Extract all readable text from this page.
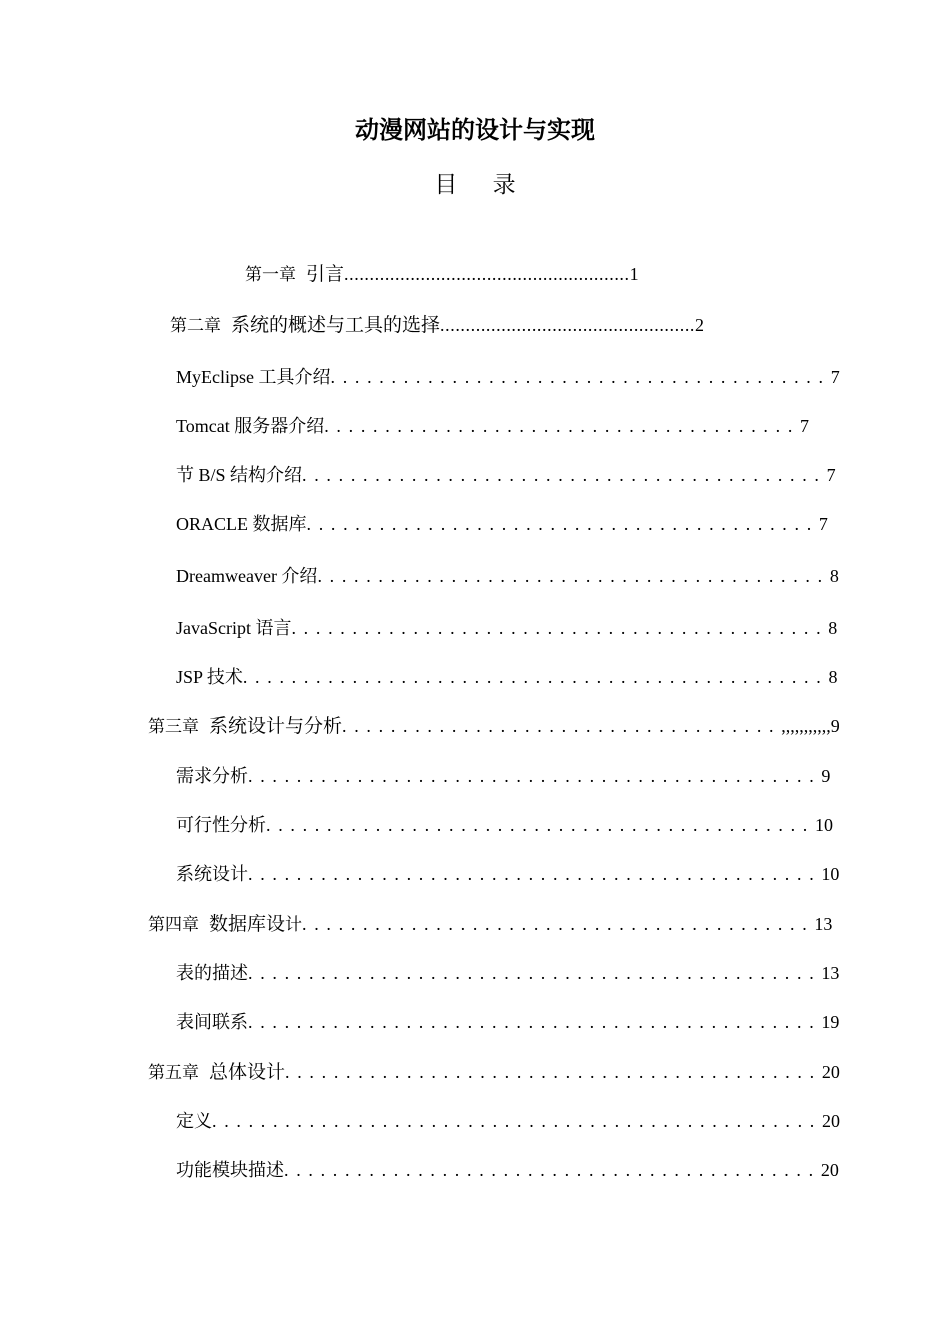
动漫网站的设计与实现
目 录
第一章 引言........................................................1
第二章 系统的概述与工具的选择..................................................2
MyEclipse 工具介绍. . . . . . . . . . . . . . . . . . . . . . . . . . . . . . . . . . . . . . . . . 7
Tomcat 服务器介绍. . . . . . . . . . . . . . . . . . . . . . . . . . . . . . . . . . . . . . . 7
节 B/S 结构介绍. . . . . . . . . . . . . . . . . . . . . . . . . . . . . . . . . . . . . . . . . . . 7
ORACLE 数据库. . . . . . . . . . . . . . . . . . . . . . . . . . . . . . . . . . . . . . . . . . 7
Dreamweaver 介绍. . . . . . . . . . . . . . . . . . . . . . . . . . . . . . . . . . . . . . . . . . 8
JavaScript 语言. . . . . . . . . . . . . . . . . . . . . . . . . . . . . . . . . . . . . . . . . . . . 8
JSP 技术. . . . . . . . . . . . . . . . . . . . . . . . . . . . . . . . . . . . . . . . . . . . . . . . 8
第三章 系统设计与分析. . . . . . . . . . . . . . . . . . . . . . . . . . . . . . . . . . . . ,,,,,,,,,,,9
需求分析. . . . . . . . . . . . . . . . . . . . . . . . . . . . . . . . . . . . . . . . . . . . . . . 9
可行性分析. . . . . . . . . . . . . . . . . . . . . . . . . . . . . . . . . . . . . . . . . . . . . 10
系统设计. . . . . . . . . . . . . . . . . . . . . . . . . . . . . . . . . . . . . . . . . . . . . . . 10
第四章 数据库设计. . . . . . . . . . . . . . . . . . . . . . . . . . . . . . . . . . . . . . . . . . 13
表的描述. . . . . . . . . . . . . . . . . . . . . . . . . . . . . . . . . . . . . . . . . . . . . . . 13
表间联系. . . . . . . . . . . . . . . . . . . . . . . . . . . . . . . . . . . . . . . . . . . . . . . 19
第五章 总体设计. . . . . . . . . . . . . . . . . . . . . . . . . . . . . . . . . . . . . . . . . . . . 20
定义. . . . . . . . . . . . . . . . . . . . . . . . . . . . . . . . . . . . . . . . . . . . . . . . . . 20
功能模块描述. . . . . . . . . . . . . . . . . . . . . . . . . . . . . . . . . . . . . . . . . . . . 20
